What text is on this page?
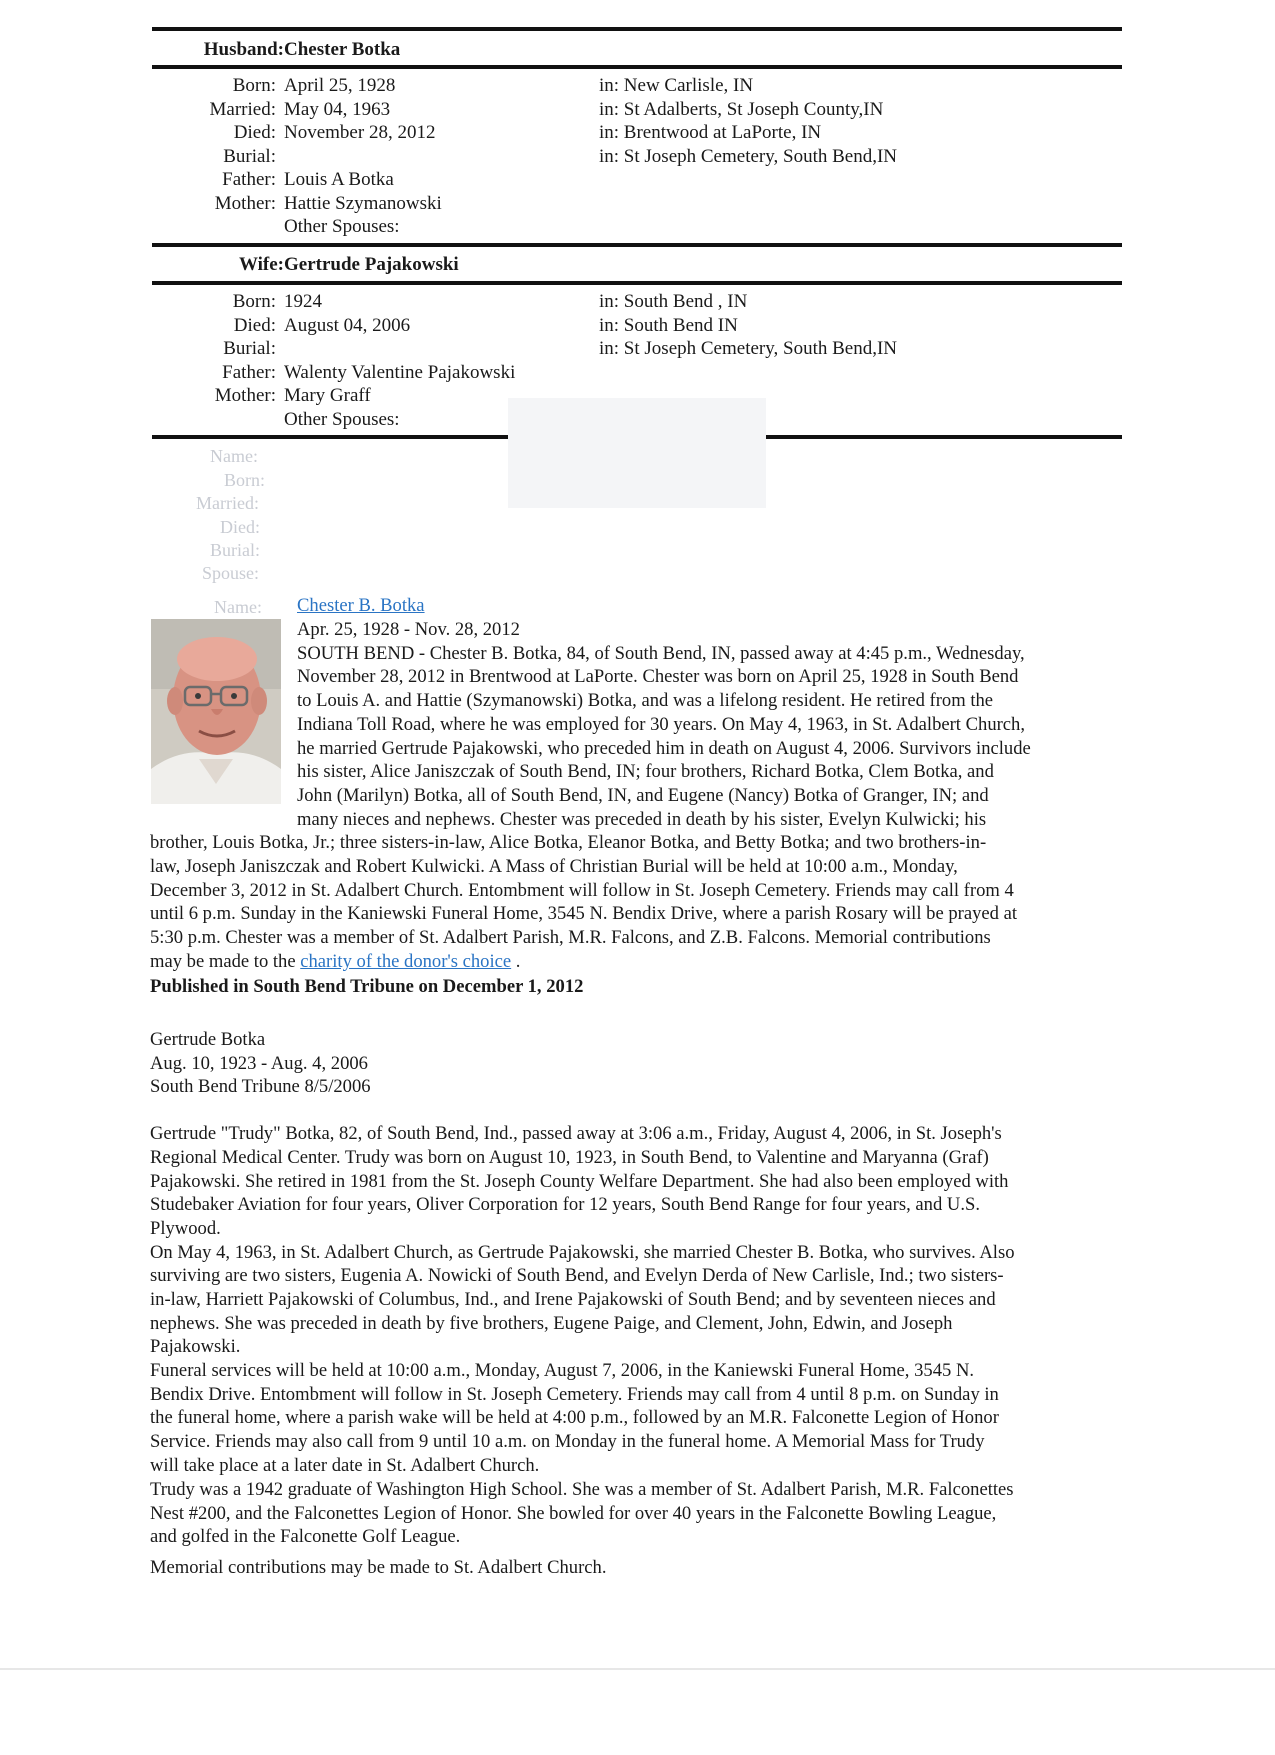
Husband: Chester Botka
Born: April 25, 1928	in: New Carlisle, IN
Married: May 04, 1963	in: St Adalberts, St Joseph County,IN
Died: November 28, 2012	in: Brentwood at LaPorte, IN
Burial:	in: St Joseph Cemetery, South Bend,IN
Father: Louis A Botka
Mother: Hattie Szymanowski
Other Spouses:
Wife: Gertrude Pajakowski
Born: 1924	in: South Bend , IN
Died: August 04, 2006	in: South Bend IN
Burial:	in: St Joseph Cemetery, South Bend,IN
Father: Walenty Valentine Pajakowski
Mother: Mary Graff
Other Spouses:
Name:
Born:
Married:
Died:
Burial:
Spouse:
Name: Chester B. Botka
Apr. 25, 1928 - Nov. 28, 2012
SOUTH BEND - Chester B. Botka, 84, of South Bend, IN, passed away at 4:45 p.m., Wednesday,
November 28, 2012 in Brentwood at LaPorte. Chester was born on April 25, 1928 in South Bend
to Louis A. and Hattie (Szymanowski) Botka, and was a lifelong resident. He retired from the
Indiana Toll Road, where he was employed for 30 years. On May 4, 1963, in St. Adalbert Church,
he married Gertrude Pajakowski, who preceded him in death on August 4, 2006. Survivors include
his sister, Alice Janiszczak of South Bend, IN; four brothers, Richard Botka, Clem Botka, and
John (Marilyn) Botka, all of South Bend, IN, and Eugene (Nancy) Botka of Granger, IN; and
many nieces and nephews. Chester was preceded in death by his sister, Evelyn Kulwicki; his
brother, Louis Botka, Jr.; three sisters-in-law, Alice Botka, Eleanor Botka, and Betty Botka; and two brothers-in-
law, Joseph Janiszczak and Robert Kulwicki. A Mass of Christian Burial will be held at 10:00 a.m., Monday,
December 3, 2012 in St. Adalbert Church. Entombment will follow in St. Joseph Cemetery. Friends may call from 4
until 6 p.m. Sunday in the Kaniewski Funeral Home, 3545 N. Bendix Drive, where a parish Rosary will be prayed at
5:30 p.m. Chester was a member of St. Adalbert Parish, M.R. Falcons, and Z.B. Falcons. Memorial contributions
may be made to the charity of the donor's choice .
Published in South Bend Tribune on December 1, 2012
Gertrude Botka
Aug. 10, 1923 - Aug. 4, 2006
South Bend Tribune 8/5/2006
Gertrude "Trudy" Botka, 82, of South Bend, Ind., passed away at 3:06 a.m., Friday, August 4, 2006, in St. Joseph's
Regional Medical Center. Trudy was born on August 10, 1923, in South Bend, to Valentine and Maryanna (Graf)
Pajakowski. She retired in 1981 from the St. Joseph County Welfare Department. She had also been employed with
Studebaker Aviation for four years, Oliver Corporation for 12 years, South Bend Range for four years, and U.S.
Plywood.
On May 4, 1963, in St. Adalbert Church, as Gertrude Pajakowski, she married Chester B. Botka, who survives. Also
surviving are two sisters, Eugenia A. Nowicki of South Bend, and Evelyn Derda of New Carlisle, Ind.; two sisters-
in-law, Harriett Pajakowski of Columbus, Ind., and Irene Pajakowski of South Bend; and by seventeen nieces and
nephews. She was preceded in death by five brothers, Eugene Paige, and Clement, John, Edwin, and Joseph
Pajakowski.
Funeral services will be held at 10:00 a.m., Monday, August 7, 2006, in the Kaniewski Funeral Home, 3545 N.
Bendix Drive. Entombment will follow in St. Joseph Cemetery. Friends may call from 4 until 8 p.m. on Sunday in
the funeral home, where a parish wake will be held at 4:00 p.m., followed by an M.R. Falconette Legion of Honor
Service. Friends may also call from 9 until 10 a.m. on Monday in the funeral home. A Memorial Mass for Trudy
will take place at a later date in St. Adalbert Church.
Trudy was a 1942 graduate of Washington High School. She was a member of St. Adalbert Parish, M.R. Falconettes
Nest #200, and the Falconettes Legion of Honor. She bowled for over 40 years in the Falconette Bowling League,
and golfed in the Falconette Golf League.
Memorial contributions may be made to St. Adalbert Church.
